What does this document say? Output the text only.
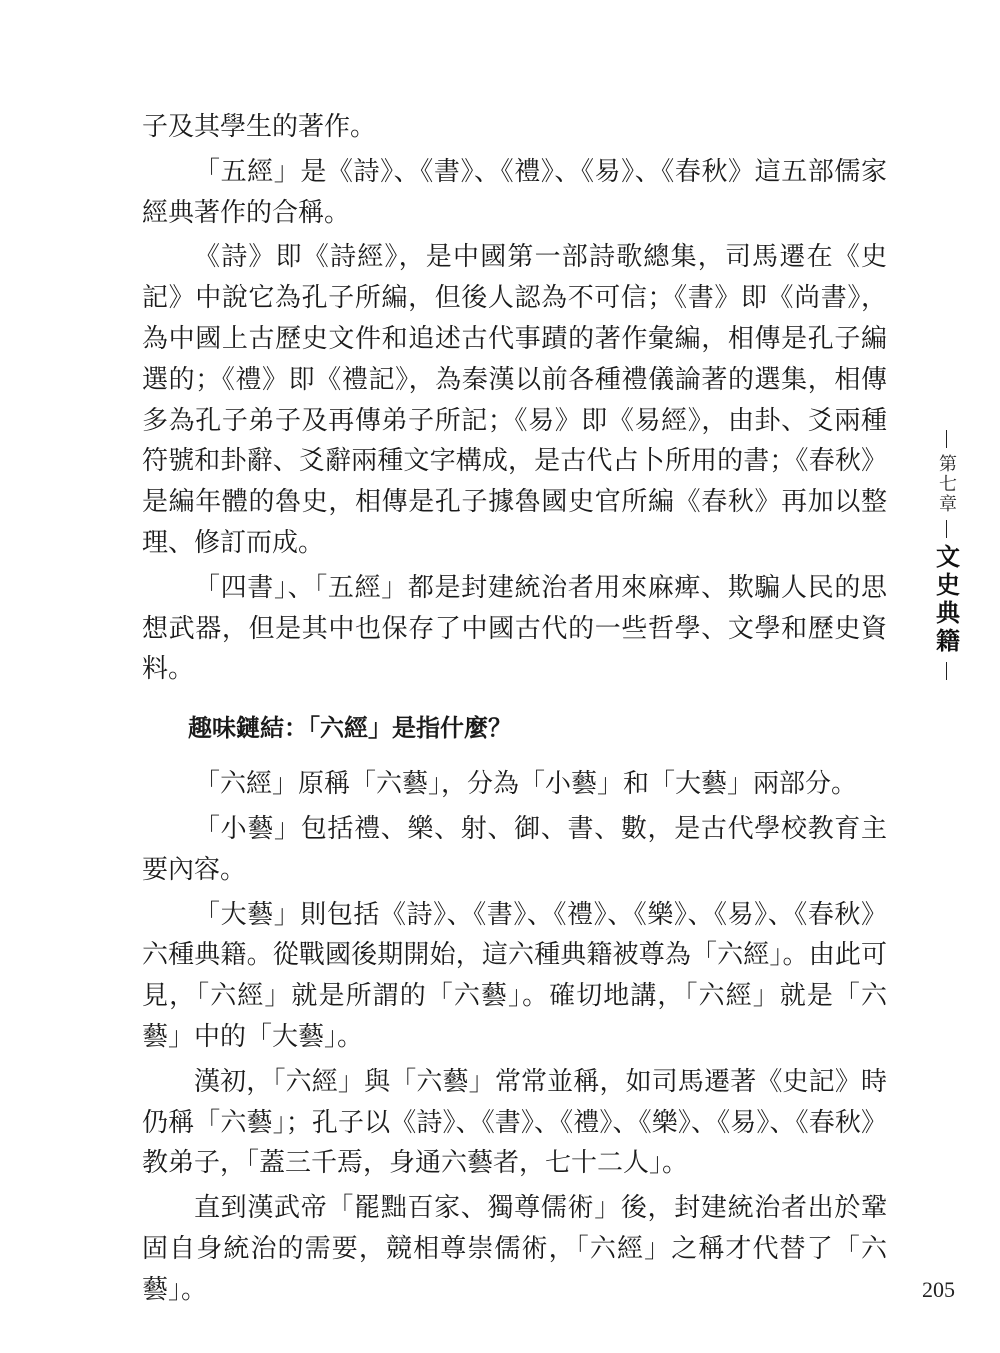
子及其學生的著作。

「五經」是《詩》、《書》、《禮》、《易》、《春秋》這五部儒家經典著作的合稱。

《詩》即《詩經》，是中國第一部詩歌總集，司馬遷在《史記》中說它為孔子所編，但後人認為不可信；《書》即《尚書》，為中國上古歷史文件和追述古代事蹟的著作彙編，相傳是孔子編選的；《禮》即《禮記》，為秦漢以前各種禮儀論著的選集，相傳多為孔子弟子及再傳弟子所記；《易》即《易經》，由卦、爻兩種符號和卦辭、爻辭兩種文字構成，是古代占卜所用的書；《春秋》是編年體的魯史，相傳是孔子據魯國史官所編《春秋》再加以整理、修訂而成。

「四書」、「五經」都是封建統治者用來麻痺、欺騙人民的思想武器，但是其中也保存了中國古代的一些哲學、文學和歷史資料。

趣味鏈結：「六經」是指什麼？

「六經」原稱「六藝」，分為「小藝」和「大藝」兩部分。

「小藝」包括禮、樂、射、御、書、數，是古代學校教育主要內容。

「大藝」則包括《詩》、《書》、《禮》、《樂》、《易》、《春秋》六種典籍。從戰國後期開始，這六種典籍被尊為「六經」。由此可見，「六經」就是所謂的「六藝」。確切地講，「六經」就是「六藝」中的「大藝」。

漢初，「六經」與「六藝」常常並稱，如司馬遷著《史記》時仍稱「六藝」；孔子以《詩》、《書》、《禮》、《樂》、《易》、《春秋》教弟子，「蓋三千焉，身通六藝者，七十二人」。

直到漢武帝「罷黜百家、獨尊儒術」後，封建統治者出於鞏固自身統治的需要，競相尊崇儒術，「六經」之稱才代替了「六藝」。

第七章
文史典籍
205
